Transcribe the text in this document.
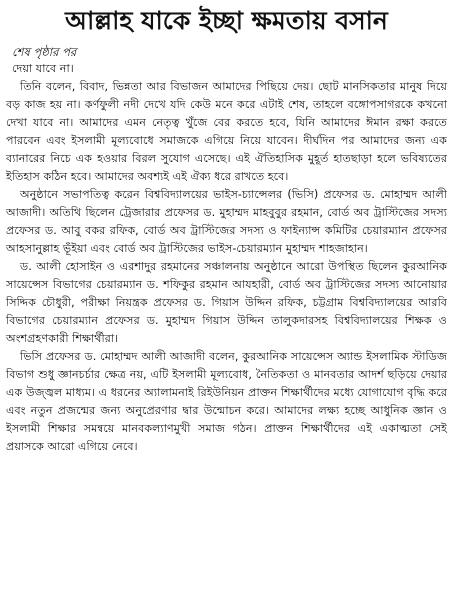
আল্লাহ যাকে ইচ্ছা ক্ষমতায় বসান
শেষ পৃষ্ঠার পর

দেয়া যাবে না।

তিনি বলেন, বিবাদ, ভিন্নতা আর বিভাজন আমাদের পিছিয়ে দেয়। ছোট মানসিকতার মানুষ দিয়ে বড় কাজ হয় না। কর্ণফুলী নদী দেখে যদি কেউ মনে করে এটাই শেষ, তাহলে বঙ্গোপসাগরকে কখনো দেখা যাবে না। আমাদের এমন নেতৃত্ব খুঁজে বের করতে হবে, যিনি আমাদের ঈমান রক্ষা করতে পারবেন এবং ইসলামী মূল্যবোধে সমাজকে এগিয়ে নিয়ে যাবেন। দীর্ঘদিন পর আমাদের জন্য এক ব্যানারের নিচে এক হওয়ার বিরল সুযোগ এসেছে। এই ঐতিহাসিক মুহূর্ত হাতছাড়া হলে ভবিষ্যতের ইতিহাস কঠিন হবে। আমাদের অবশ্যই এই ঐক্য ধরে রাখতে হবে।

অনুষ্ঠানে সভাপতিত্ব করেন বিশ্ববিদ্যালয়ের ভাইস-চ্যান্সেলর (ভিসি) প্রফেসর ড. মোহাম্মদ আলী আজাদী। অতিথি ছিলেন ট্রেজারার প্রফেসর ড. মুহাম্মদ মাহবুবুর রহমান, বোর্ড অব ট্রাস্টিজের সদস্য প্রফেসর ড. আবু বকর রফিক, বোর্ড অব ট্রাস্টিজের সদস্য ও ফাইন্যান্স কমিটির চেয়ারম্যান প্রফেসর আহসানুল্লাহ ভূঁইয়া এবং বোর্ড অব ট্রাস্টিজের ভাইস-চেয়ারম্যান মুহাম্মদ শাহজাহান।

ড. আলী হোসাইন ও এরশাদুর রহমানের সঞ্চালনায় অনুষ্ঠানে আরো উপস্থিত ছিলেন কুরআনিক সায়েন্সেস বিভাগের চেয়ারম্যান ড. শফিকুর রহমান আযহারী, বোর্ড অব ট্রাস্টিজের সদস্য আনোয়ার সিদ্দিক চৌধুরী, পরীক্ষা নিয়ন্ত্রক প্রফেসর ড. গিয়াস উদ্দিন রফিক, চট্টগ্রাম বিশ্ববিদ্যালয়ের আরবি বিভাগের চেয়ারম্যান প্রফেসর ড. মুহাম্মদ গিয়াস উদ্দিন তালুকদারসহ বিশ্ববিদ্যালয়ের শিক্ষক ও অংশগ্রহণকারী শিক্ষার্থীরা।

ভিসি প্রফেসর ড. মোহাম্মদ আলী আজাদী বলেন, কুরআনিক সায়েন্সেস অ্যান্ড ইসলামিক স্টাডিজ বিভাগ শুধু জ্ঞানচর্চার ক্ষেত্র নয়, এটি ইসলামী মূল্যবোধ, নৈতিকতা ও মানবতার আদর্শ ছড়িয়ে দেয়ার এক উজ্জ্বল মাধ্যম। এ ধরনের অ্যালামনাই রিইউনিয়ন প্রাক্তন শিক্ষার্থীদের মধ্যে যোগাযোগ বৃদ্ধি করে এবং নতুন প্রজন্মের জন্য অনুপ্রেরণার দ্বার উন্মোচন করে। আমাদের লক্ষ্য হচ্ছে আধুনিক জ্ঞান ও ইসলামী শিক্ষার সমন্বয়ে মানবকল্যাণমুখী সমাজ গঠন। প্রাক্তন শিক্ষার্থীদের এই একাত্মতা সেই প্রয়াসকে আরো এগিয়ে নেবে।
